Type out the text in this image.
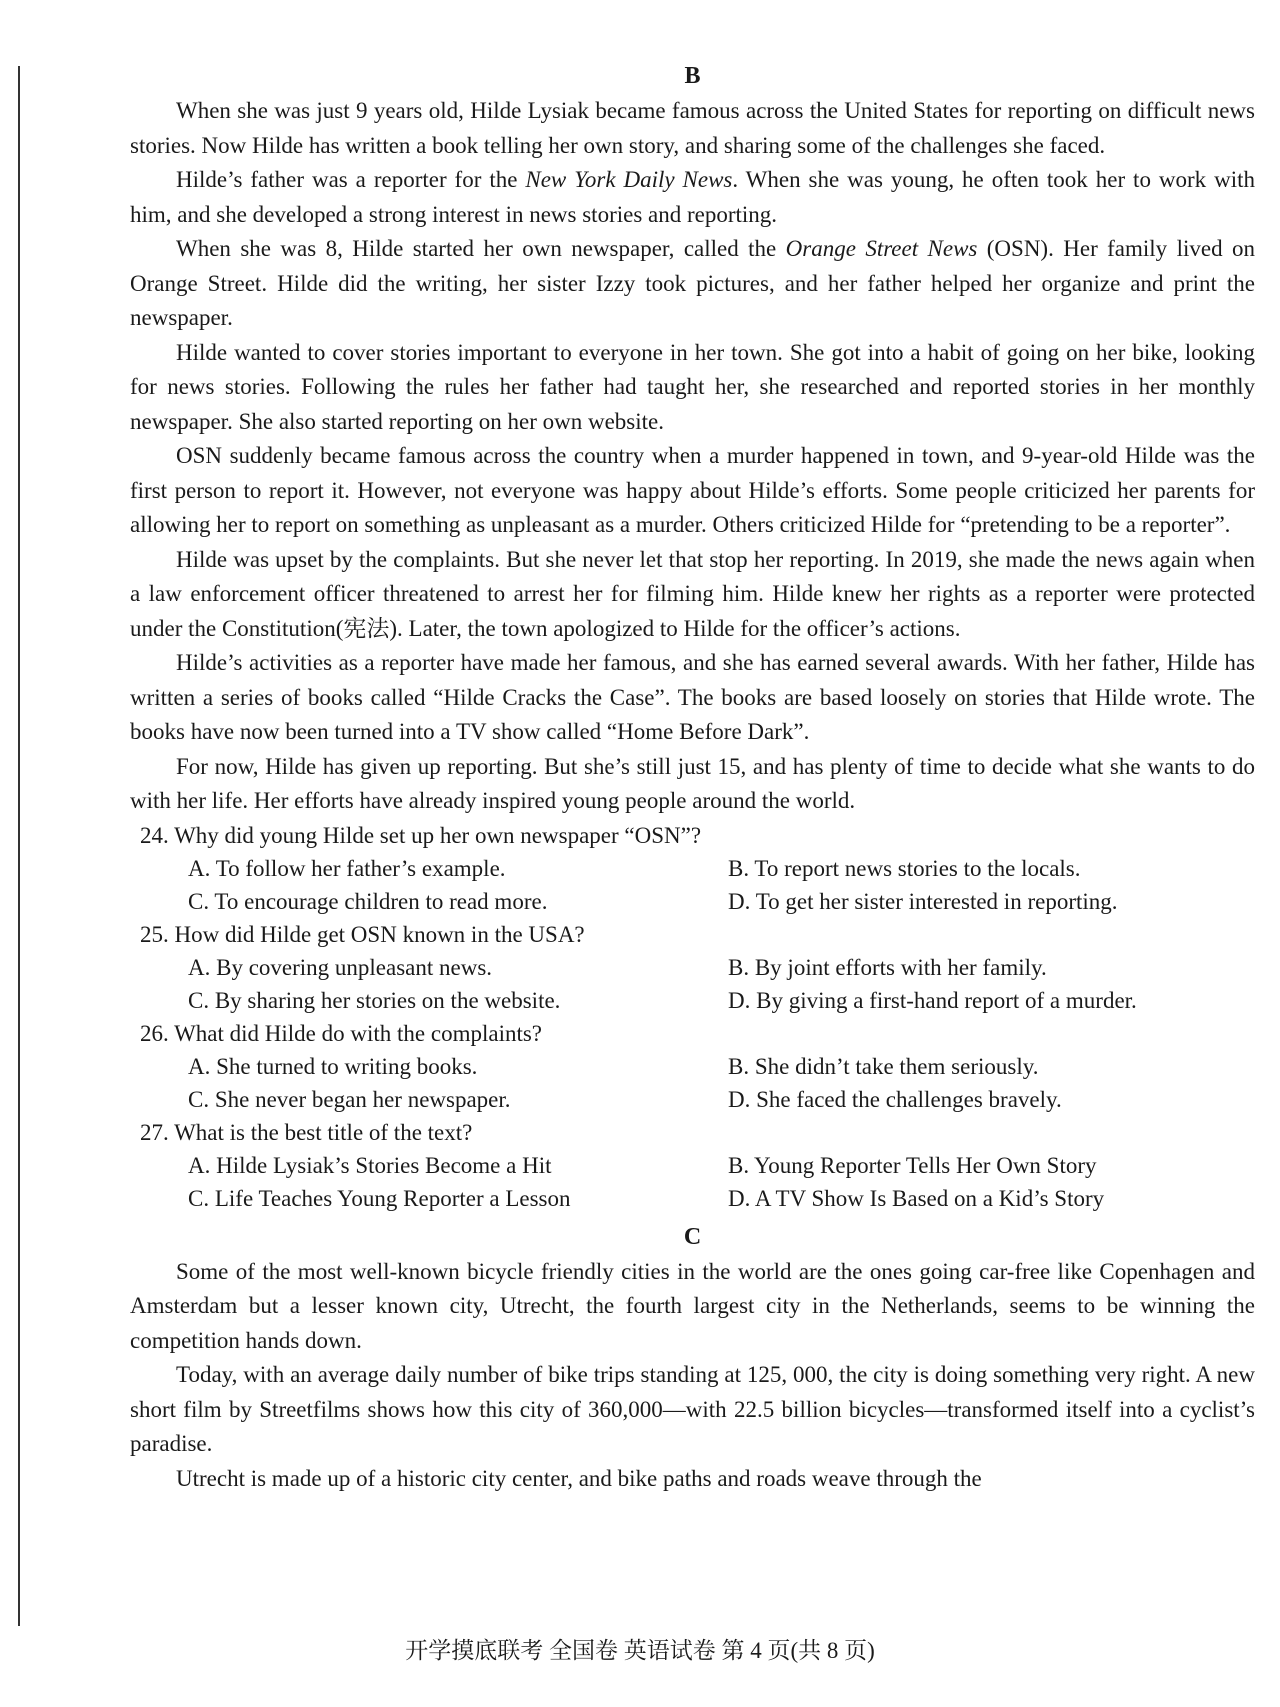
B

When she was just 9 years old, Hilde Lysiak became famous across the United States for reporting on difficult news stories. Now Hilde has written a book telling her own story, and sharing some of the challenges she faced.

Hilde’s father was a reporter for the New York Daily News. When she was young, he often took her to work with him, and she developed a strong interest in news stories and reporting.

When she was 8, Hilde started her own newspaper, called the Orange Street News (OSN). Her family lived on Orange Street. Hilde did the writing, her sister Izzy took pictures, and her father helped her organize and print the newspaper.

Hilde wanted to cover stories important to everyone in her town. She got into a habit of going on her bike, looking for news stories. Following the rules her father had taught her, she researched and reported stories in her monthly newspaper. She also started reporting on her own website.

OSN suddenly became famous across the country when a murder happened in town, and 9-year-old Hilde was the first person to report it. However, not everyone was happy about Hilde’s efforts. Some people criticized her parents for allowing her to report on something as unpleasant as a murder. Others criticized Hilde for “pretending to be a reporter”.

Hilde was upset by the complaints. But she never let that stop her reporting. In 2019, she made the news again when a law enforcement officer threatened to arrest her for filming him. Hilde knew her rights as a reporter were protected under the Constitution(宪法). Later, the town apologized to Hilde for the officer’s actions.

Hilde’s activities as a reporter have made her famous, and she has earned several awards. With her father, Hilde has written a series of books called “Hilde Cracks the Case”. The books are based loosely on stories that Hilde wrote. The books have now been turned into a TV show called “Home Before Dark”.

For now, Hilde has given up reporting. But she’s still just 15, and has plenty of time to decide what she wants to do with her life. Her efforts have already inspired young people around the world.

24. Why did young Hilde set up her own newspaper “OSN”?
A. To follow her father’s example.	B. To report news stories to the locals.
C. To encourage children to read more.	D. To get her sister interested in reporting.
25. How did Hilde get OSN known in the USA?
A. By covering unpleasant news.	B. By joint efforts with her family.
C. By sharing her stories on the website.	D. By giving a first-hand report of a murder.
26. What did Hilde do with the complaints?
A. She turned to writing books.	B. She didn’t take them seriously.
C. She never began her newspaper.	D. She faced the challenges bravely.
27. What is the best title of the text?
A. Hilde Lysiak’s Stories Become a Hit	B. Young Reporter Tells Her Own Story
C. Life Teaches Young Reporter a Lesson	D. A TV Show Is Based on a Kid’s Story
C

Some of the most well-known bicycle friendly cities in the world are the ones going car-free like Copenhagen and Amsterdam but a lesser known city, Utrecht, the fourth largest city in the Netherlands, seems to be winning the competition hands down.

Today, with an average daily number of bike trips standing at 125, 000, the city is doing something very right. A new short film by Streetfilms shows how this city of 360,000—with 22.5 billion bicycles—transformed itself into a cyclist’s paradise.

Utrecht is made up of a historic city center, and bike paths and roads weave through the

开学摸底联考 全国卷 英语试卷 第 4 页(共 8 页)
